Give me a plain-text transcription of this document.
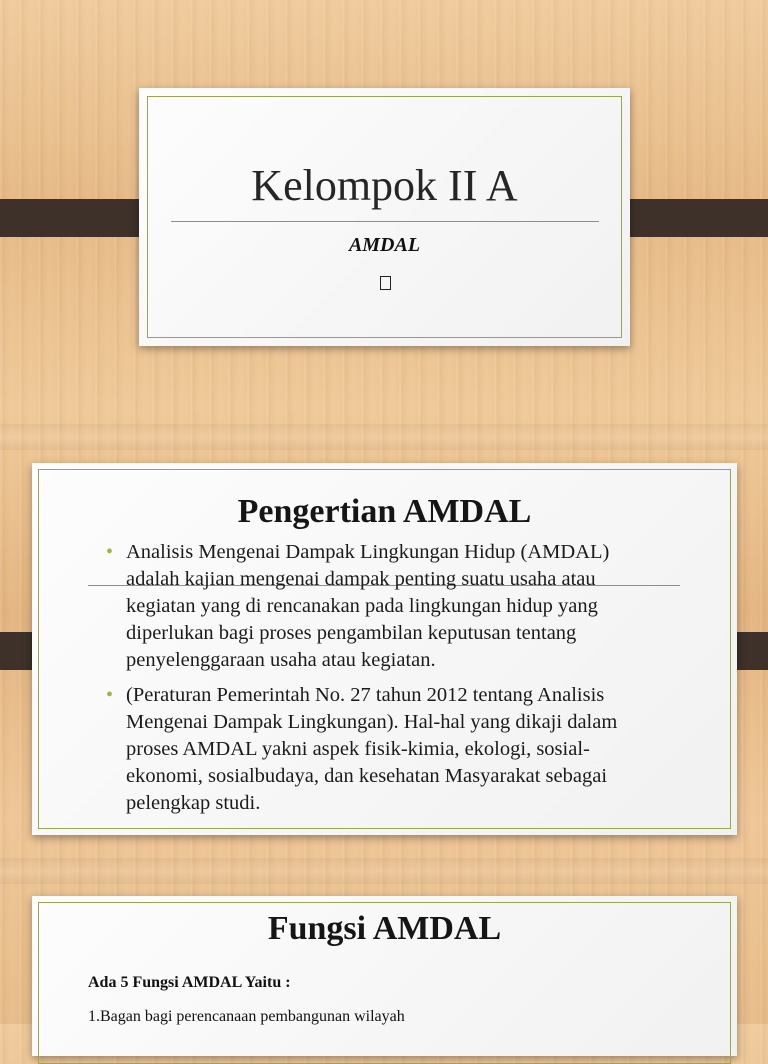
Kelompok II A
AMDAL
Pengertian AMDAL
• Analisis Mengenai Dampak Lingkungan Hidup (AMDAL) adalah kajian mengenai dampak penting suatu usaha atau kegiatan yang di rencanakan pada lingkungan hidup yang diperlukan bagi proses pengambilan keputusan tentang penyelenggaraan usaha atau kegiatan.
• (Peraturan Pemerintah No. 27 tahun 2012 tentang Analisis Mengenai Dampak Lingkungan). Hal-hal yang dikaji dalam proses AMDAL yakni aspek fisik-kimia, ekologi, sosial-ekonomi, sosialbudaya, dan kesehatan Masyarakat sebagai pelengkap studi.
Fungsi AMDAL
Ada 5 Fungsi AMDAL Yaitu :
1.Bagan bagi perencanaan pembangunan wilayah
